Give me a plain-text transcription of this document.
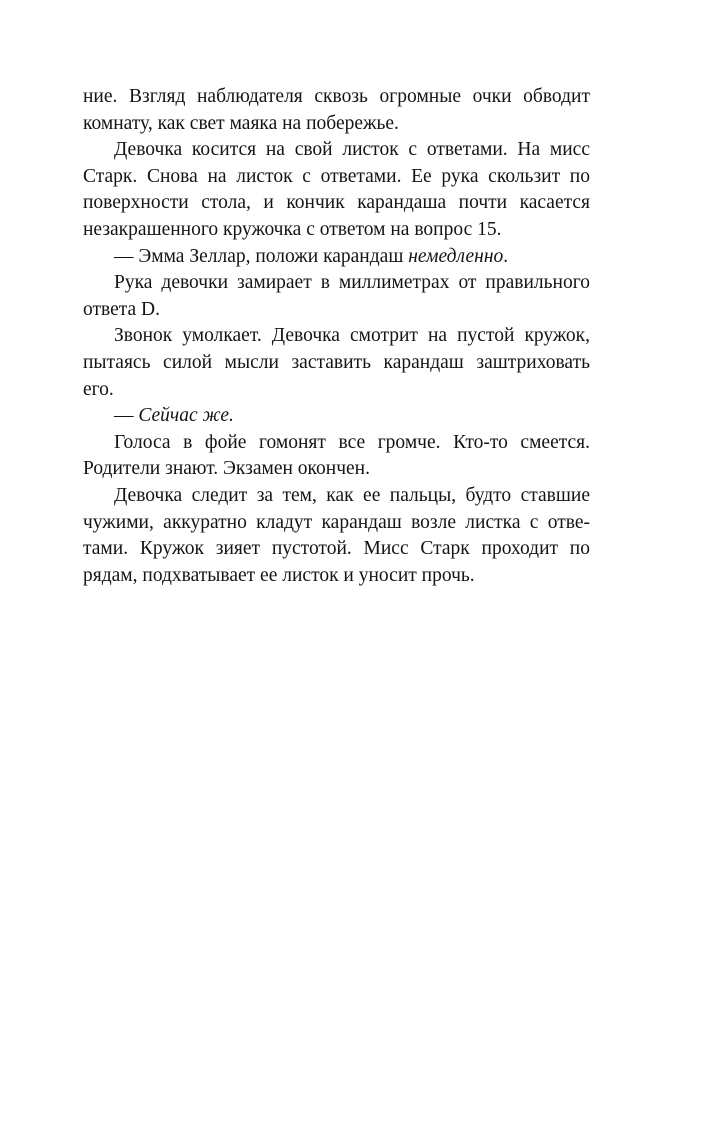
ние. Взгляд наблюдателя сквозь огромные очки обводит
комнату, как свет маяка на побережье.
Девочка косится на свой листок с ответами. На мисс
Старк. Снова на листок с ответами. Ее рука скользит по
поверхности стола, и кончик карандаша почти касается
незакрашенного кружочка с ответом на вопрос 15.
— Эмма Зеллар, положи карандаш немедленно.
Рука девочки замирает в миллиметрах от правильного
ответа D.
Звонок умолкает. Девочка смотрит на пустой кружок,
пытаясь силой мысли заставить карандаш заштриховать
его.
— Сейчас же.
Голоса в фойе гомонят все громче. Кто-то смеется.
Родители знают. Экзамен окончен.
Девочка следит за тем, как ее пальцы, будто ставшие
чужими, аккуратно кладут карандаш возле листка с отве-
тами. Кружок зияет пустотой. Мисс Старк проходит по
рядам, подхватывает ее листок и уносит прочь.
